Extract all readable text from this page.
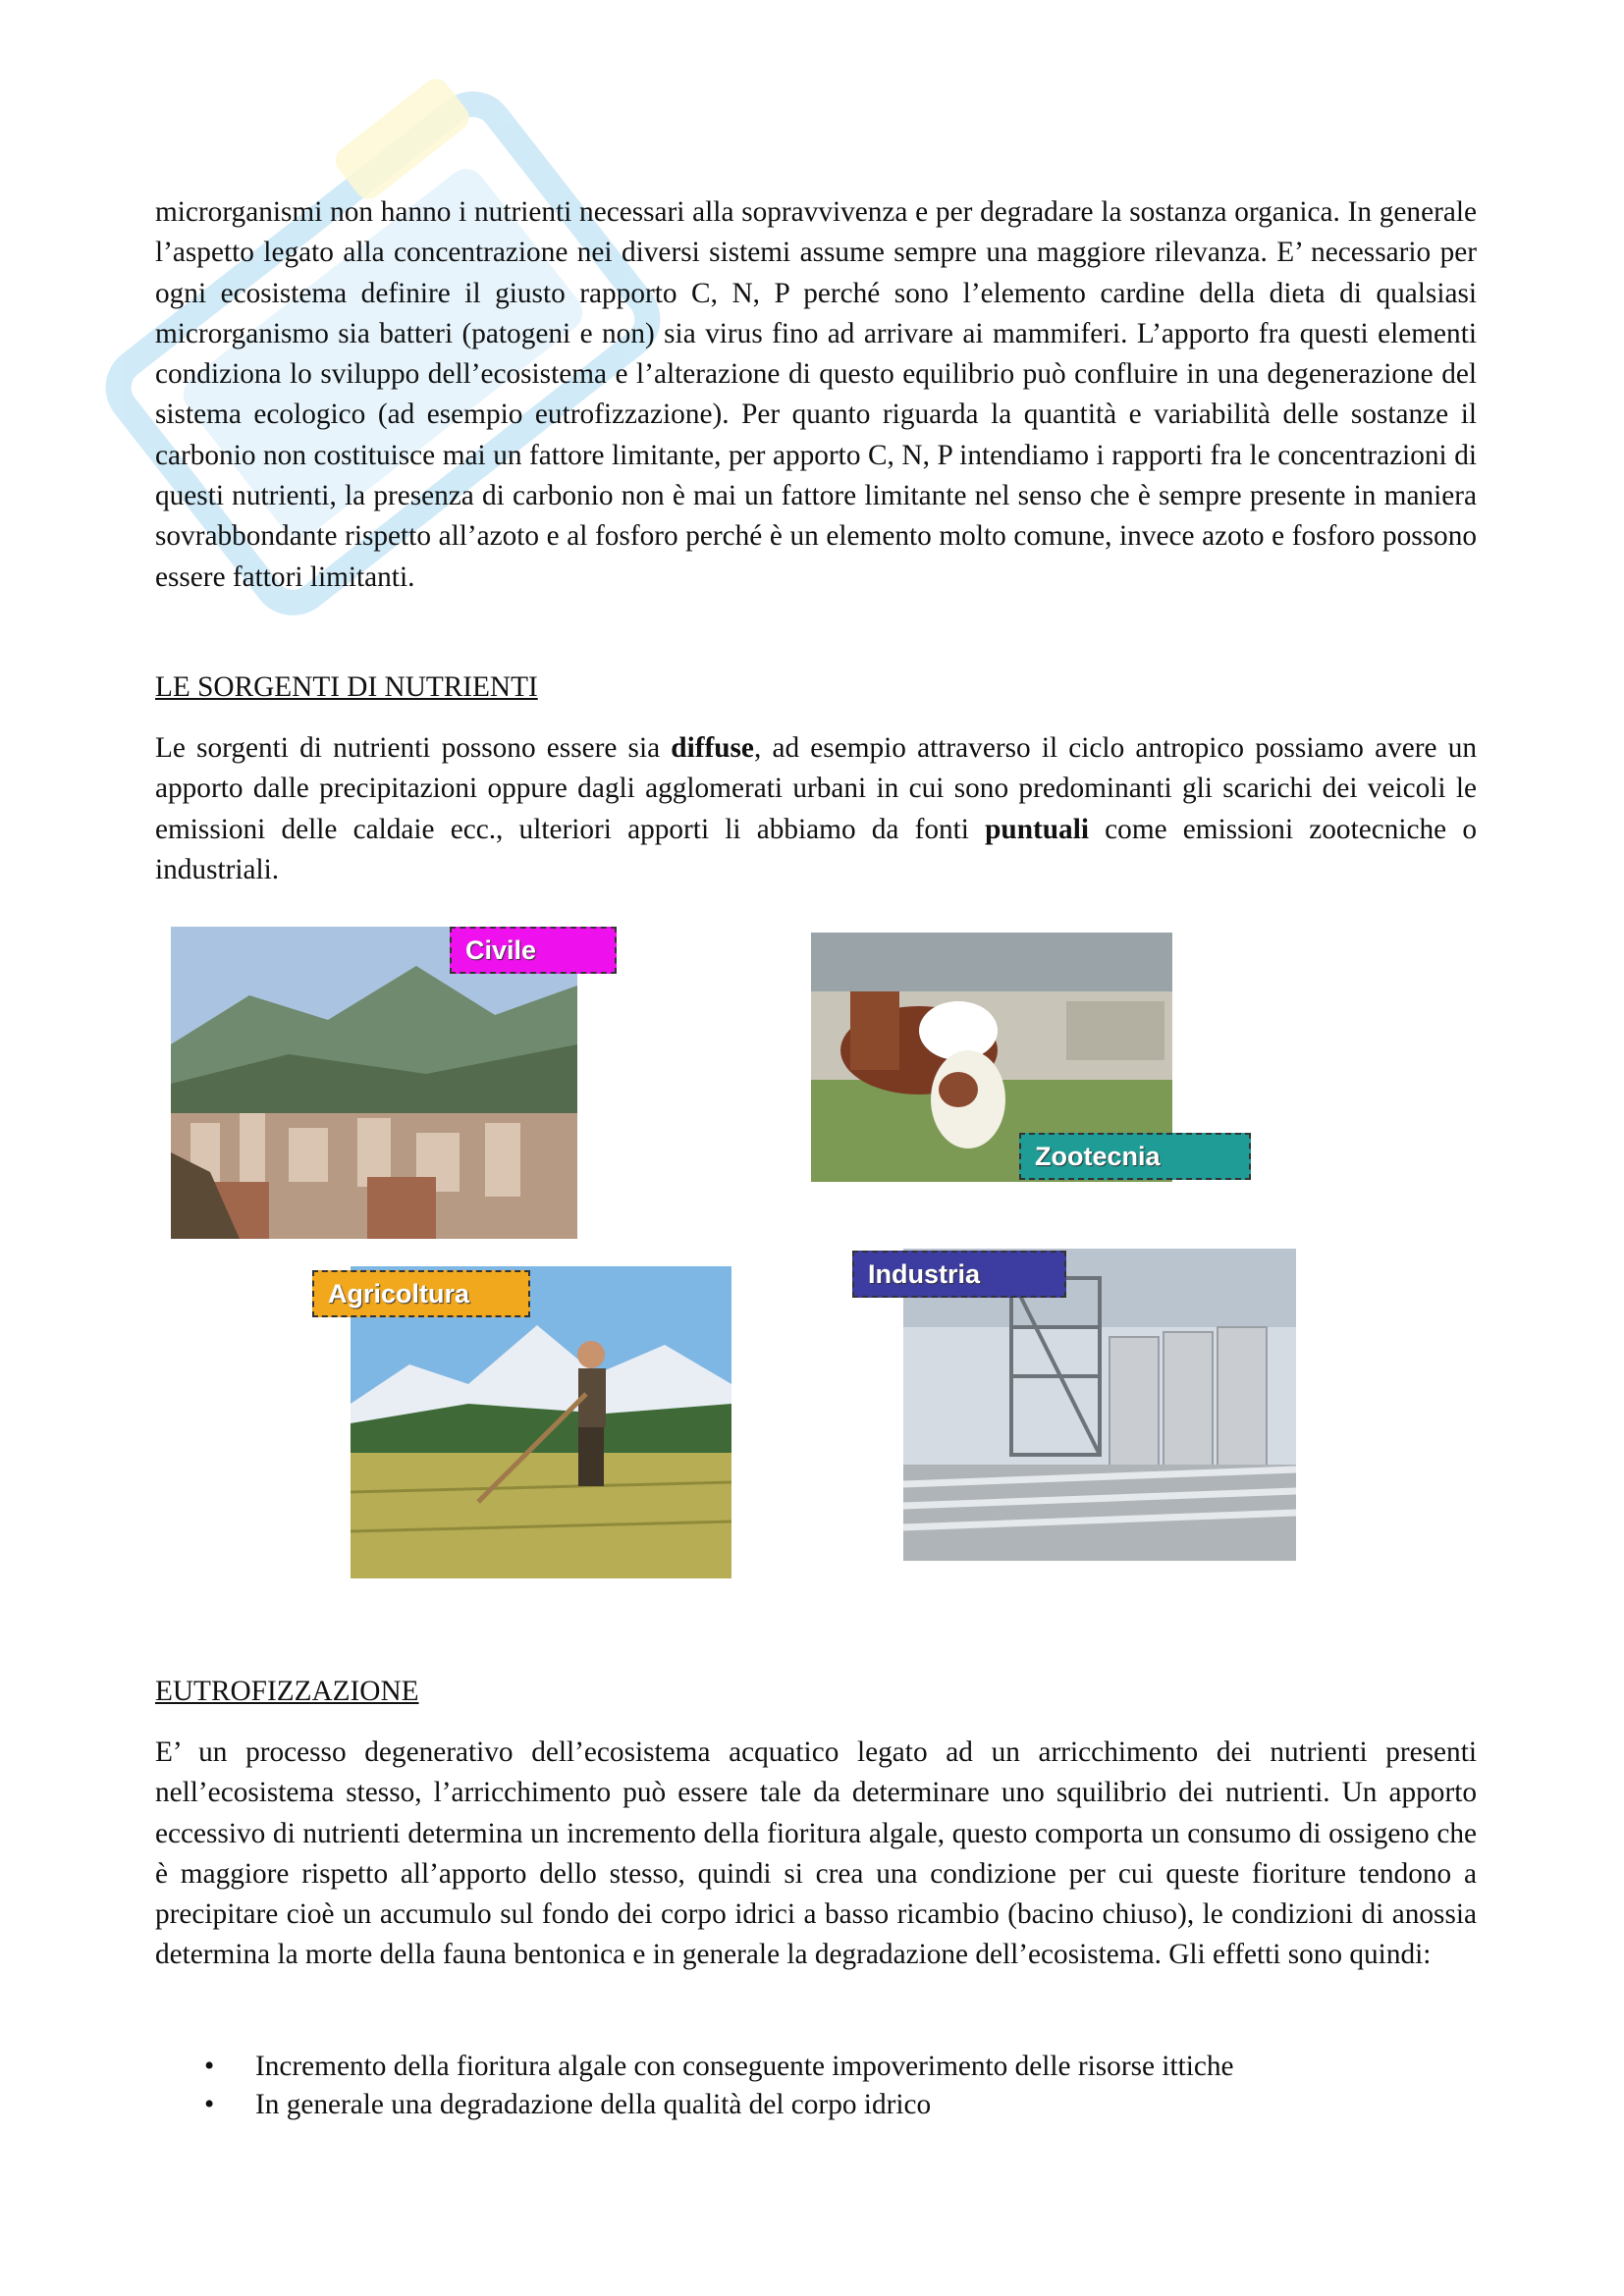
microrganismi non hanno i nutrienti necessari alla sopravvivenza e per degradare la sostanza organica. In generale l’aspetto legato alla concentrazione nei diversi sistemi assume sempre una maggiore rilevanza. E’ necessario per ogni ecosistema definire il giusto rapporto C, N, P perché sono l’elemento cardine della dieta di qualsiasi microrganismo sia batteri (patogeni e non) sia virus fino ad arrivare ai mammiferi. L’apporto fra questi elementi condiziona lo sviluppo dell’ecosistema e l’alterazione di questo equilibrio può confluire in una degenerazione del sistema ecologico (ad esempio eutrofizzazione). Per quanto riguarda la quantità e variabilità delle sostanze il carbonio non costituisce mai un fattore limitante, per apporto C, N, P intendiamo i rapporti fra le concentrazioni di questi nutrienti, la presenza di carbonio non è mai un fattore limitante nel senso che è sempre presente in maniera sovrabbondante rispetto all’azoto e al fosforo perché è un elemento molto comune, invece azoto e fosforo possono essere fattori limitanti.

LE SORGENTI DI NUTRIENTI

Le sorgenti di nutrienti possono essere sia diffuse, ad esempio attraverso il ciclo antropico possiamo avere un apporto dalle precipitazioni oppure dagli agglomerati urbani in cui sono predominanti gli scarichi dei veicoli le emissioni delle caldaie ecc., ulteriori apporti li abbiamo da fonti puntuali come emissioni zootecniche o industriali.

Civile
Zootecnia
Agricoltura
Industria
EUTROFIZZAZIONE

E’ un processo degenerativo dell’ecosistema acquatico legato ad un arricchimento dei nutrienti presenti nell’ecosistema stesso, l’arricchimento può essere tale da determinare uno squilibrio dei nutrienti. Un apporto eccessivo di nutrienti determina un incremento della fioritura algale, questo comporta un consumo di ossigeno che è maggiore rispetto all’apporto dello stesso, quindi si crea una condizione per cui queste fioriture tendono a precipitare cioè un accumulo sul fondo dei corpo idrici a basso ricambio (bacino chiuso), le condizioni di anossia determina la morte della fauna bentonica e in generale la degradazione dell’ecosistema. Gli effetti sono quindi:

• Incremento della fioritura algale con conseguente impoverimento delle risorse ittiche
• In generale una degradazione della qualità del corpo idrico
